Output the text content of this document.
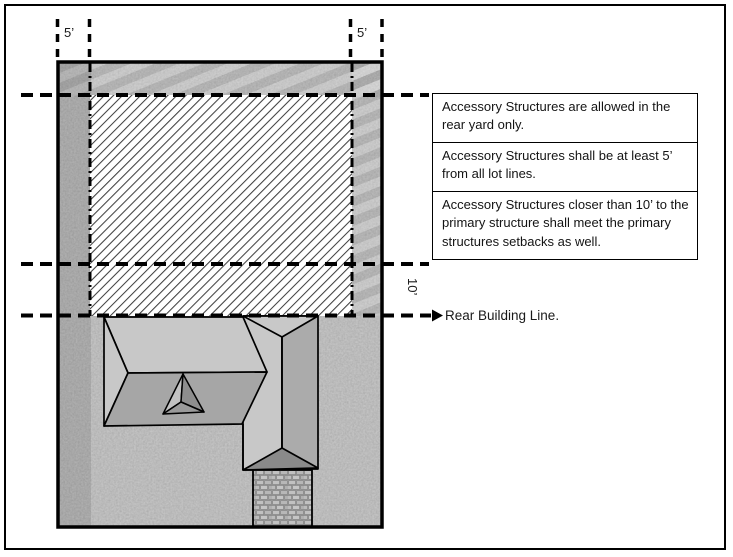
5’	5’
10’
Rear Building Line.
Accessory Structures are allowed in the rear yard only.
Accessory Structures shall be at least 5’ from all lot lines.
Accessory Structures closer than 10’ to the primary structure shall meet the primary structures setbacks as well.
